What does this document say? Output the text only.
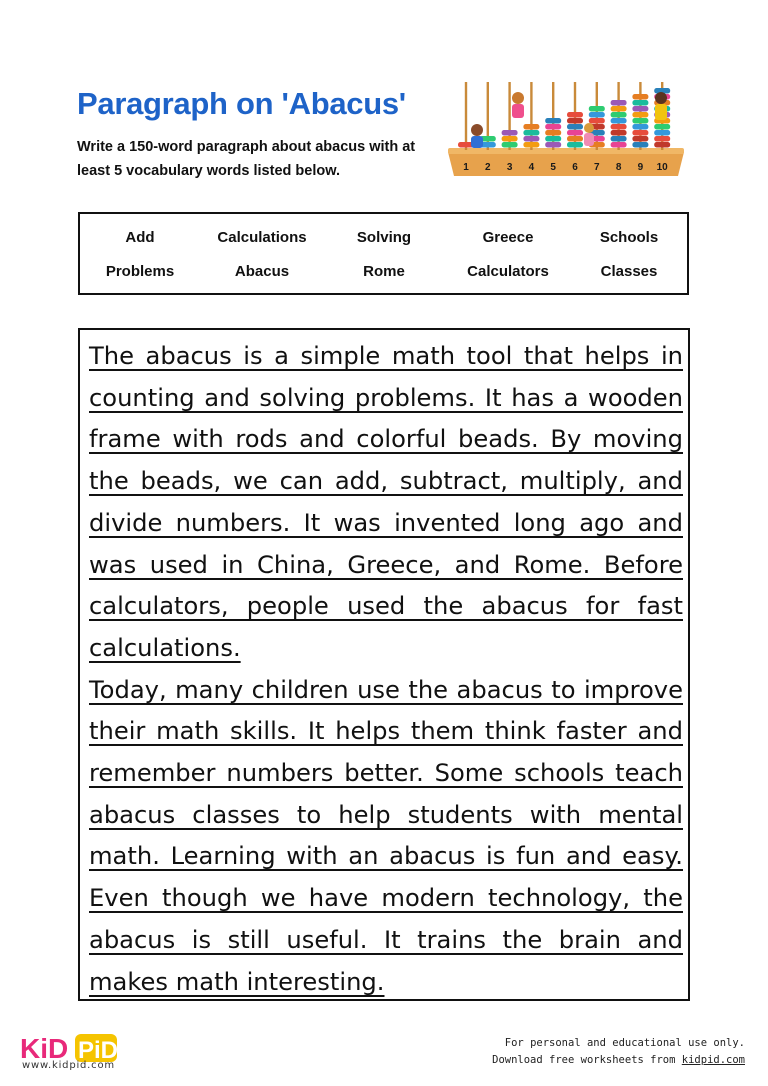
Paragraph on 'Abacus'

Write a 150-word paragraph about abacus with at least 5 vocabulary words listed below.	1 2 3 4 5 6 7 8 9 10
Add	Calculations	Solving	Greece	Schools
Problems	Abacus	Rome	Calculators	Classes

The abacus is a simple math tool that helps in counting and solving problems. It has a wooden frame with rods and colorful beads. By moving the beads, we can add, subtract, multiply, and divide numbers. It was invented long ago and was used in China, Greece, and Rome. Before calculators, people used the abacus for fast calculations.

Today, many children use the abacus to improve their math skills. It helps them think faster and remember numbers better. Some schools teach abacus classes to help students with mental math. Learning with an abacus is fun and easy. Even though we have modern technology, the abacus is still useful. It trains the brain and makes math interesting.

KiD PiD

www.kidpid.com

For personal and educational use only.
Download free worksheets from kidpid.com
